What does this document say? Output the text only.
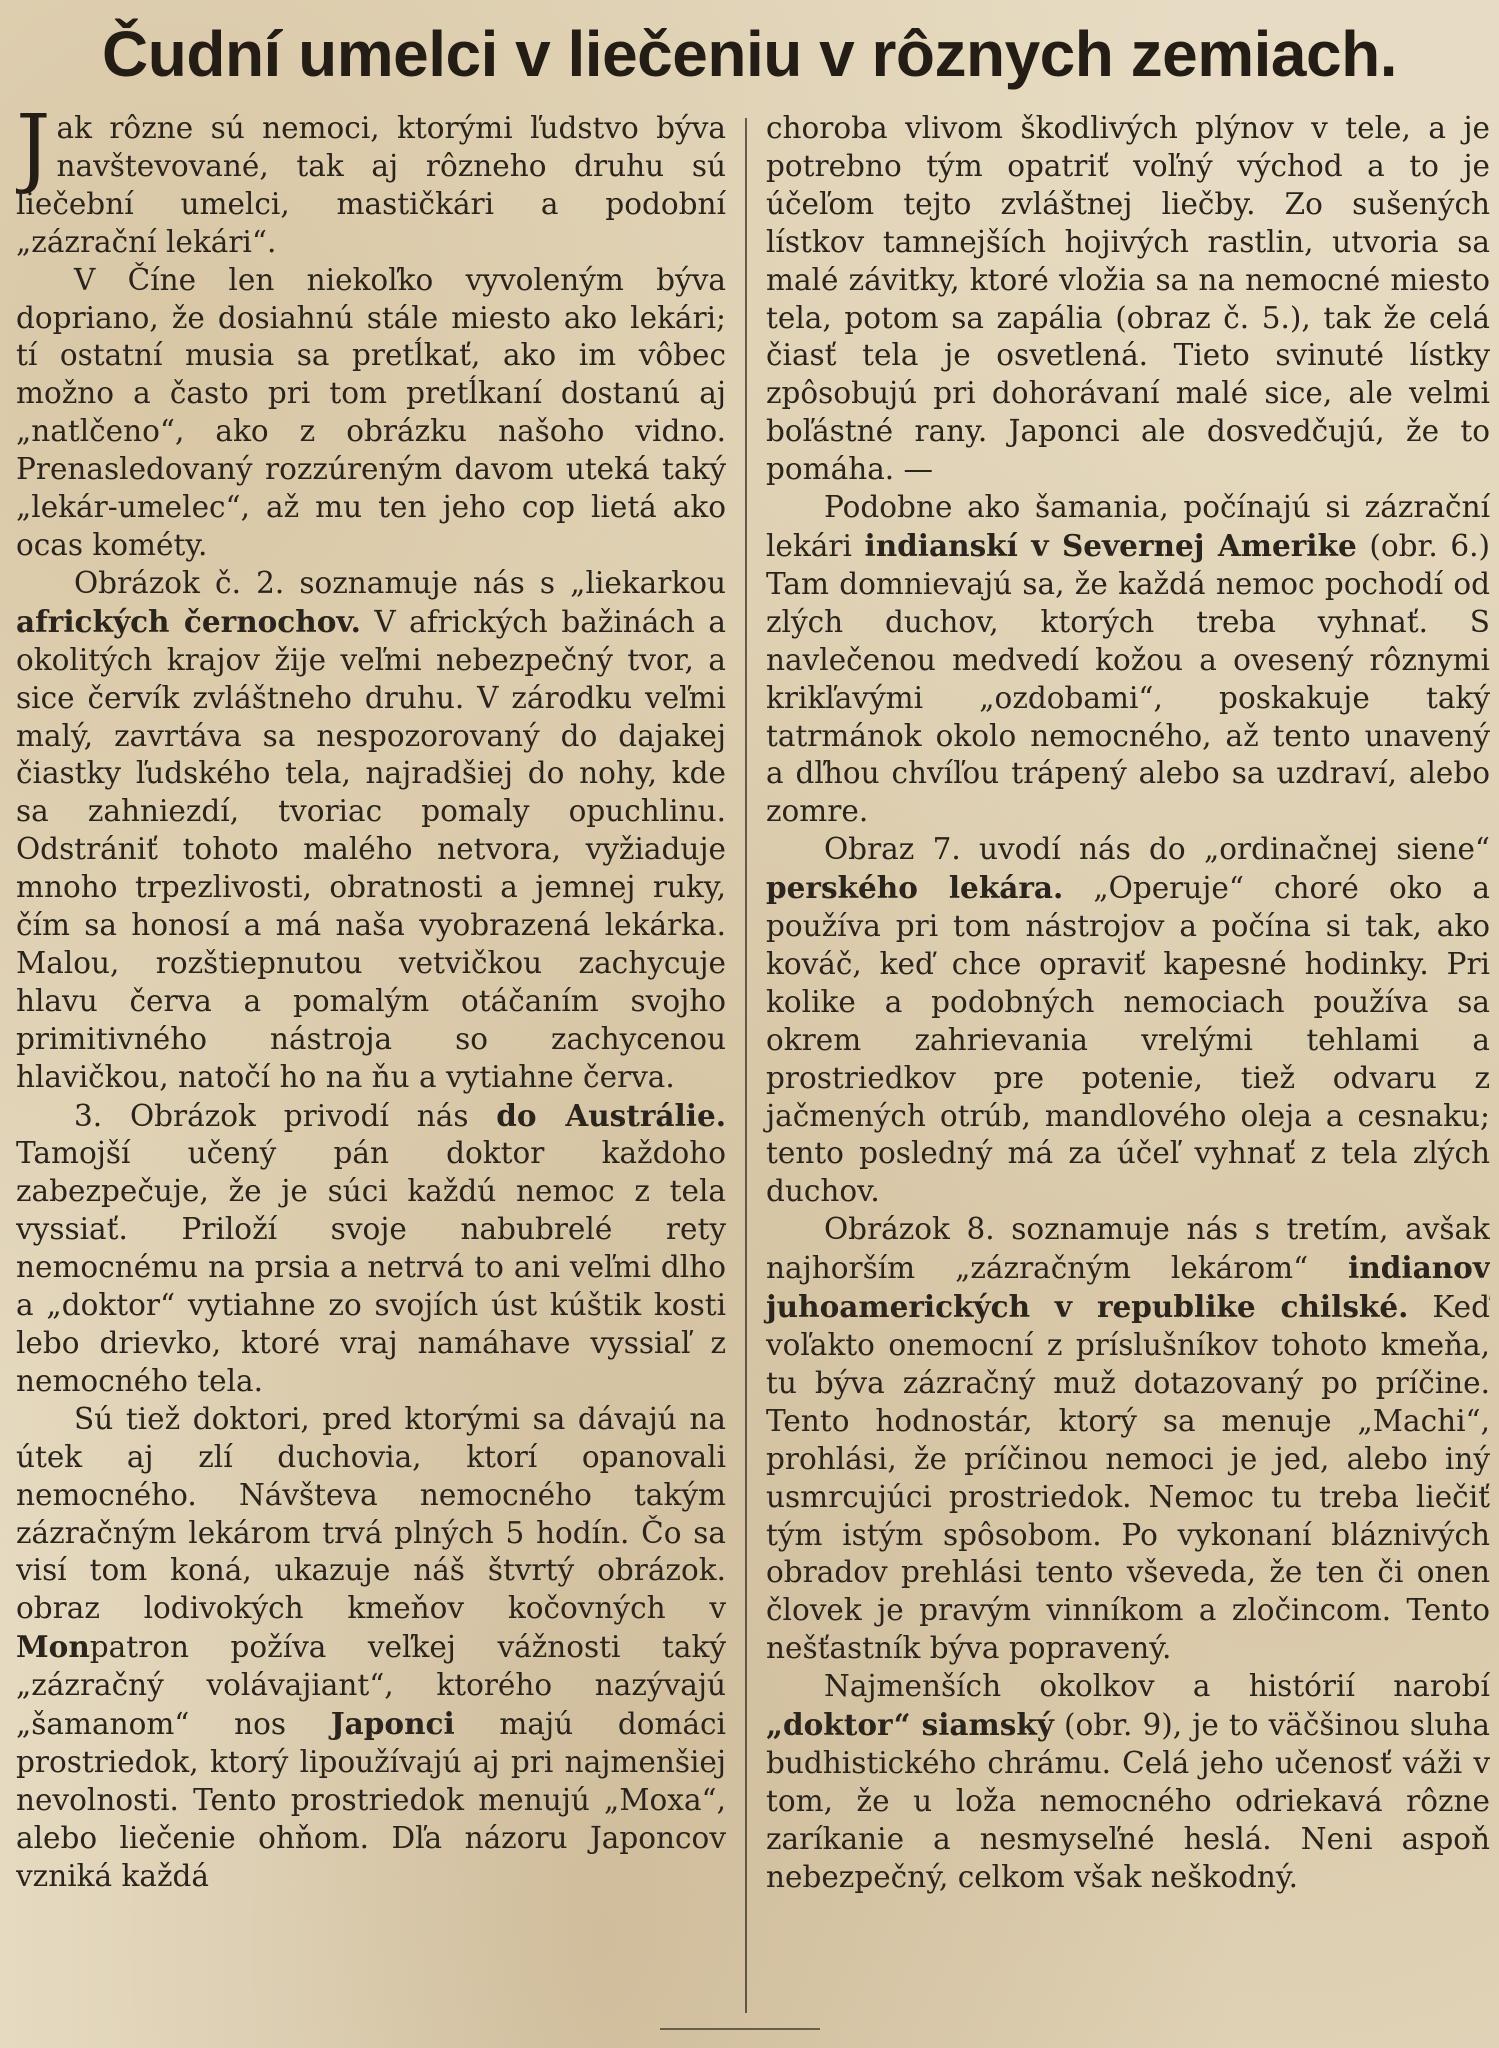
Čudní umelci v liečeniu v rôznych zemiach.

Jak rôzne sú nemoci, ktorými ľudstvo býva navštevované, tak aj rôzneho druhu sú liečební umelci, mastičkári a podobní „zázrační lekári“.

V Číne len niekoľko vyvoleným býva dopriano, že dosiahnú stále miesto ako lekári; tí ostatní musia sa pretĺkať, ako im vôbec možno a často pri tom pretĺkaní dostanú aj „natlčeno“, ako z obrázku našoho vidno. Prenasledovaný rozzúreným davom uteká taký „lekár-umelec“, až mu ten jeho cop lietá ako ocas kométy.

Obrázok č. 2. soznamuje nás s „liekarkou afrických černochov. V afrických bažinách a okolitých krajov žije veľmi nebezpečný tvor, a sice červík zvláštneho druhu. V zárodku veľmi malý, zavrtáva sa nespozorovaný do dajakej čiastky ľudského tela, najradšiej do nohy, kde sa zahniezdí, tvoriac pomaly opuchlinu. Odstrániť tohoto malého netvora, vyžiaduje mnoho trpezlivosti, obratnosti a jemnej ruky, čím sa honosí a má naša vyobrazená lekárka. Malou, rozštiepnutou vetvičkou zachycuje hlavu červa a pomalým otáčaním svojho primitivného nástroja so zachycenou hlavičkou, natočí ho na ňu a vytiahne červa.

3. Obrázok privodí nás do Austrálie. Tamojší učený pán doktor každoho zabezpečuje, že je súci každú nemoc z tela vyssiať. Priloží svoje nabubrelé rety nemocnému na prsia a netrvá to ani veľmi dlho a „doktor“ vytiahne zo svojích úst kúštik kosti lebo drievko, ktoré vraj namáhave vyssiaľ z nemocného tela.

Sú tiež doktori, pred ktorými sa dávajú na útek aj zlí duchovia, ktorí opanovali nemocného. Návšteva nemocného takým zázračným lekárom trvá plných 5 hodín. Čo sa visí tom koná, ukazuje náš štvrtý obrázok. obraz lodivokých kmeňov kočovných v Monpatron požíva veľkej vážnosti taký „zázračný volávajiant“, ktorého nazývajú „šamanom“ nos Japonci majú domáci prostriedok, ktorý lipoužívajú aj pri najmenšiej nevolnosti. Tento prostriedok menujú „Moxa“, alebo liečenie ohňom. Dľa názoru Japoncov vzniká každá

choroba vlivom škodlivých plýnov v tele, a je potrebno tým opatriť voľný východ a to je účeľom tejto zvláštnej liečby. Zo sušených lístkov tamnejších hojivých rastlin, utvoria sa malé závitky, ktoré vložia sa na nemocné miesto tela, potom sa zapália (obraz č. 5.), tak že celá čiasť tela je osvetlená. Tieto svinuté lístky zpôsobujú pri dohorávaní malé sice, ale velmi boľástné rany. Japonci ale dosvedčujú, že to pomáha. —

Podobne ako šamania, počínajú si zázrační lekári indianskí v Severnej Amerike (obr. 6.) Tam domnievajú sa, že každá nemoc pochodí od zlých duchov, ktorých treba vyhnať. S navlečenou medvedí kožou a ovesený rôznymi krikľavými „ozdobami“, poskakuje taký tatrmánok okolo nemocného, až tento unavený a dľhou chvíľou trápený alebo sa uzdraví, alebo zomre.

Obraz 7. uvodí nás do „ordinačnej siene“ perského lekára. „Operuje“ choré oko a používa pri tom nástrojov a počína si tak, ako kováč, keď chce opraviť kapesné hodinky. Pri kolike a podobných nemociach používa sa okrem zahrievania vrelými tehlami a prostriedkov pre potenie, tiež odvaru z jačmených otrúb, mandlového oleja a cesnaku; tento posledný má za účeľ vyhnať z tela zlých duchov.

Obrázok 8. soznamuje nás s tretím, avšak najhorším „zázračným lekárom“ indianov juhoamerických v republike chilské. Keď voľakto onemocní z príslušníkov tohoto kmeňa, tu býva zázračný muž dotazovaný po príčine. Tento hodnostár, ktorý sa menuje „Machi“, prohlási, že príčinou nemoci je jed, alebo iný usmrcujúci prostriedok. Nemoc tu treba liečiť tým istým spôsobom. Po vykonaní bláznivých obradov prehlási tento vševeda, že ten či onen človek je pravým vinníkom a zločincom. Tento nešťastník býva popravený.

Najmenších okolkov a histórií narobí „doktor“ siamský (obr. 9), je to väčšinou sluha budhistického chrámu. Celá jeho učenosť váži v tom, že u loža nemocného odriekavá rôzne zaríkanie a nesmyseľné heslá. Neni aspoň nebezpečný, celkom však neškodný.
